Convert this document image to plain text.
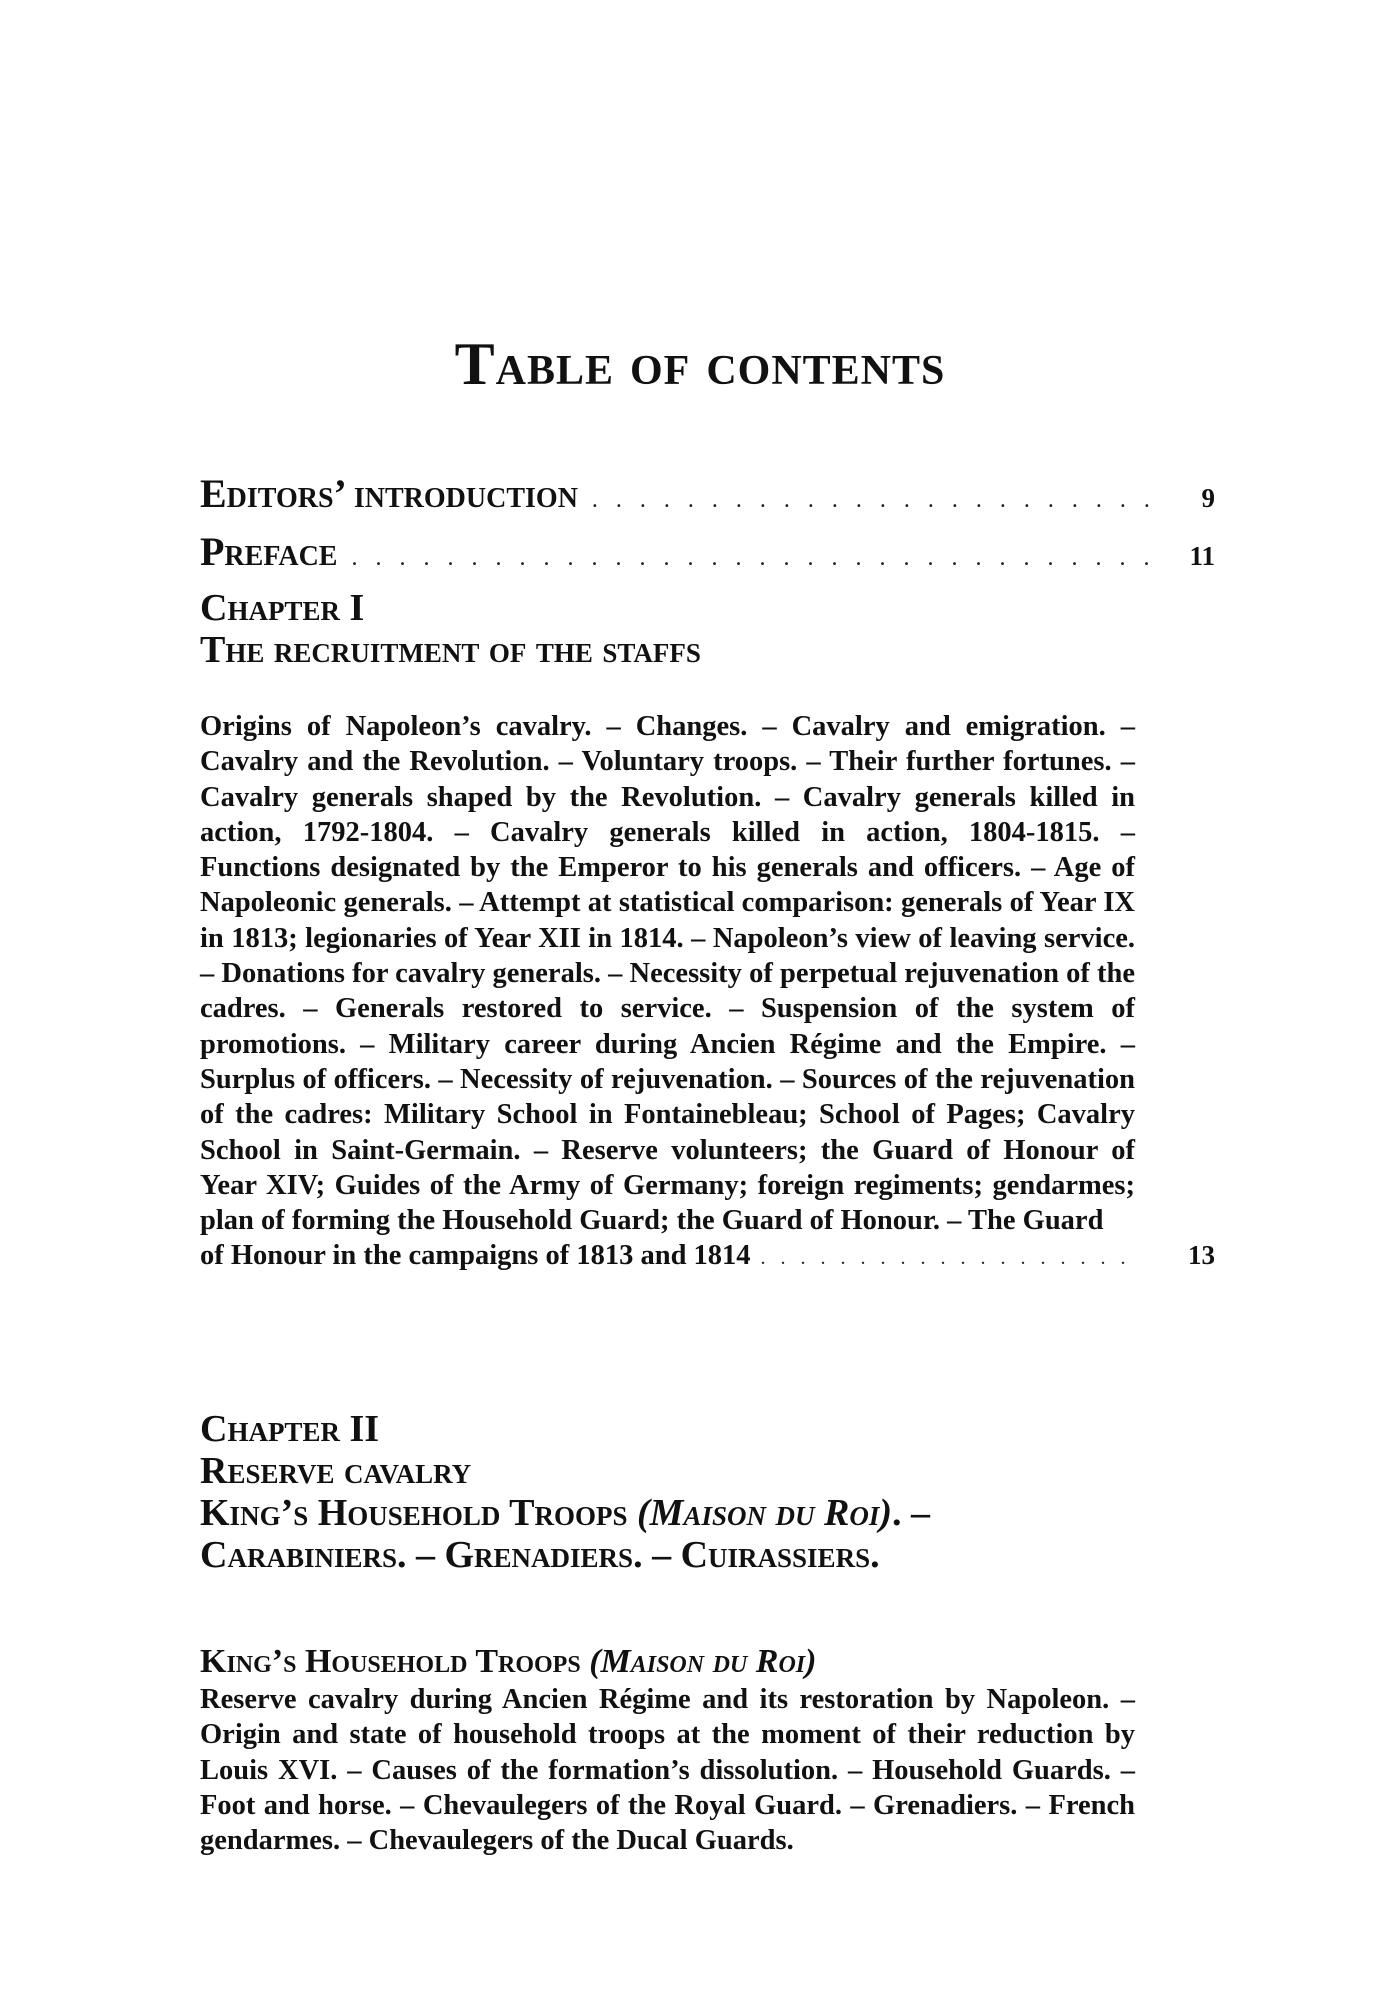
Table of contents
Editors’ introduction . . .	9
Preface . . .	11
Chapter I
The recruitment of the staffs
Origins of Napoleon’s cavalry. – Changes. – Cavalry and emigration. – Cavalry and the Revolution. – Voluntary troops. – Their further fortunes. – Cavalry generals shaped by the Revolution. – Cavalry generals killed in action, 1792-1804. – Cavalry generals killed in action, 1804-1815. – Functions designated by the Emperor to his generals and officers. – Age of Napoleonic generals. – Attempt at statistical comparison: generals of Year IX in 1813; legionaries of Year XII in 1814. – Napoleon’s view of leaving service. – Donations for cavalry generals. – Necessity of perpetual rejuvenation of the cadres. – Generals restored to service. – Suspension of the system of promotions. – Military career during Ancien Régime and the Empire. – Surplus of officers. – Necessity of rejuvenation. – Sources of the rejuvenation of the cadres: Military School in Fontainebleau; School of Pages; Cavalry School in Saint-Germain. – Reserve volunteers; the Guard of Honour of Year XIV; Guides of the Army of Germany; foreign regiments; gendarmes; plan of forming the Household Guard; the Guard of Honour. – The Guard
of Honour in the campaigns of 1813 and 1814 . . .	13
Chapter II
Reserve cavalry
King’s Household Troops (Maison du Roi). –
Carabiniers. – Grenadiers. – Cuirassiers.
King’s Household Troops (Maison du Roi)
Reserve cavalry during Ancien Régime and its restoration by Napoleon. – Origin and state of household troops at the moment of their reduction by Louis XVI. – Causes of the formation’s dissolution. – Household Guards. – Foot and horse. – Chevaulegers of the Royal Guard. – Grenadiers. – French gendarmes. – Chevaulegers of the Ducal Guards.
